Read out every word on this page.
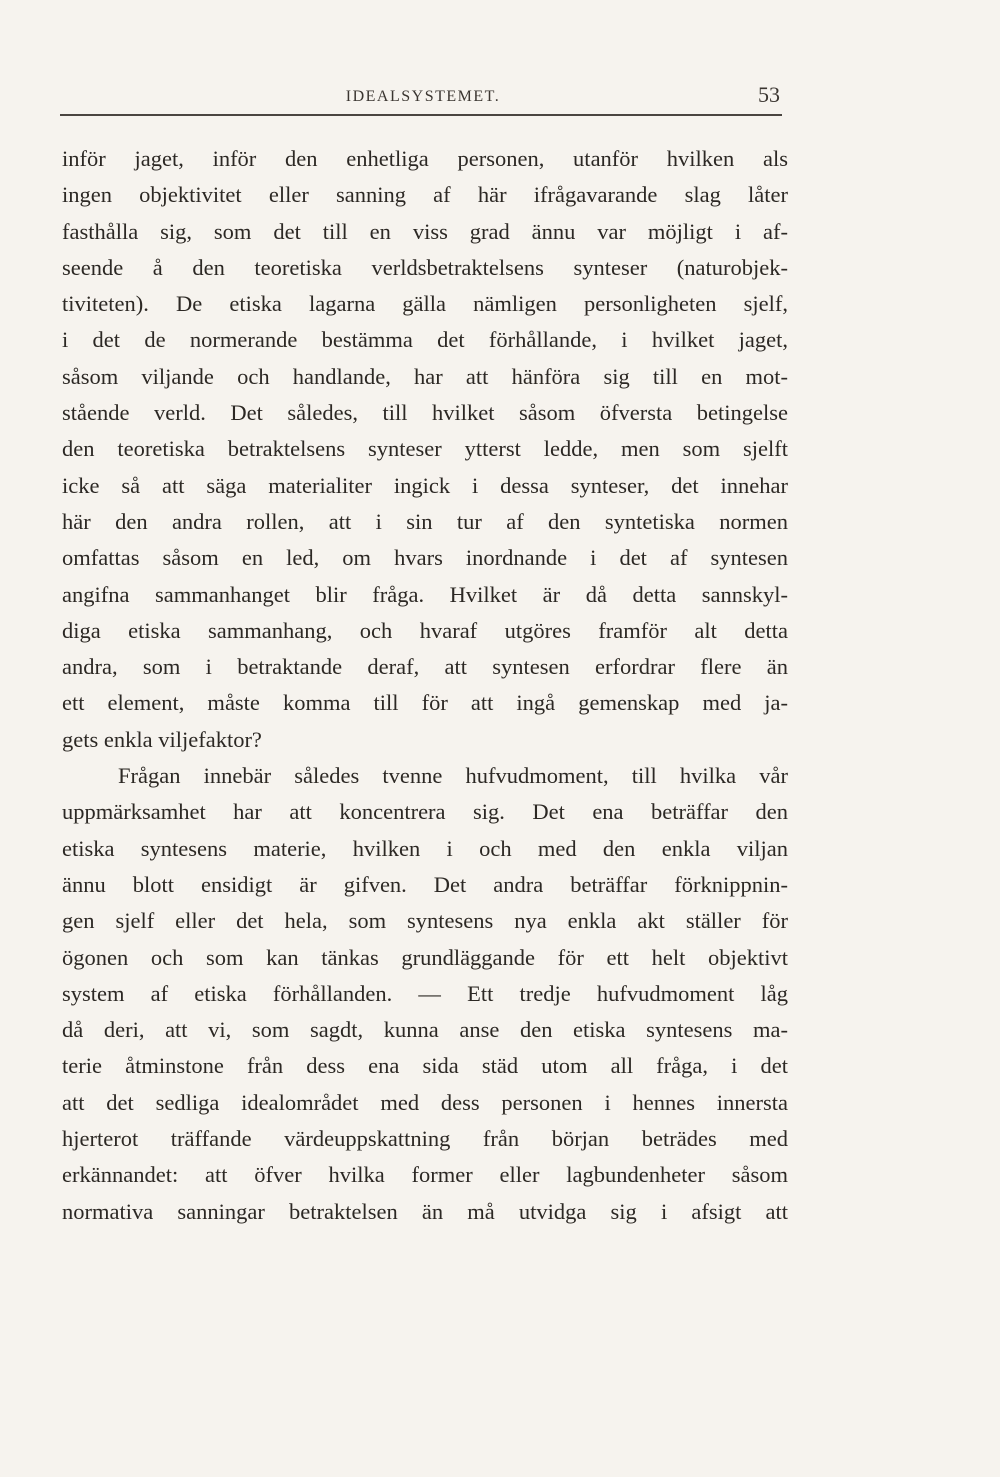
IDEALSYSTEMET.	53
inför jaget, inför den enhetliga personen, utanför hvilken als
ingen objektivitet eller sanning af här ifrågavarande slag låter
fasthålla sig, som det till en viss grad ännu var möjligt i af-
seende å den teoretiska verldsbetraktelsens synteser (naturobjek-
tiviteten). De etiska lagarna gälla nämligen personligheten sjelf,
i det de normerande bestämma det förhållande, i hvilket jaget,
såsom viljande och handlande, har att hänföra sig till en mot-
stående verld. Det således, till hvilket såsom öfversta betingelse
den teoretiska betraktelsens synteser ytterst ledde, men som sjelft
icke så att säga materialiter ingick i dessa synteser, det innehar
här den andra rollen, att i sin tur af den syntetiska normen
omfattas såsom en led, om hvars inordnande i det af syntesen
angifna sammanhanget blir fråga. Hvilket är då detta sannskyl-
diga etiska sammanhang, och hvaraf utgöres framför alt detta
andra, som i betraktande deraf, att syntesen erfordrar flere än
ett element, måste komma till för att ingå gemenskap med ja-
gets enkla viljefaktor?
Frågan innebär således tvenne hufvudmoment, till hvilka vår
uppmärksamhet har att koncentrera sig. Det ena beträffar den
etiska syntesens materie, hvilken i och med den enkla viljan
ännu blott ensidigt är gifven. Det andra beträffar förknippnin-
gen sjelf eller det hela, som syntesens nya enkla akt ställer för
ögonen och som kan tänkas grundläggande för ett helt objektivt
system af etiska förhållanden. — Ett tredje hufvudmoment låg
då deri, att vi, som sagdt, kunna anse den etiska syntesens ma-
terie åtminstone från dess ena sida städ utom all fråga, i det
att det sedliga idealområdet med dess personen i hennes innersta
hjerterot träffande värdeuppskattning från början beträdes med
erkännandet: att öfver hvilka former eller lagbundenheter såsom
normativa sanningar betraktelsen än må utvidga sig i afsigt att
